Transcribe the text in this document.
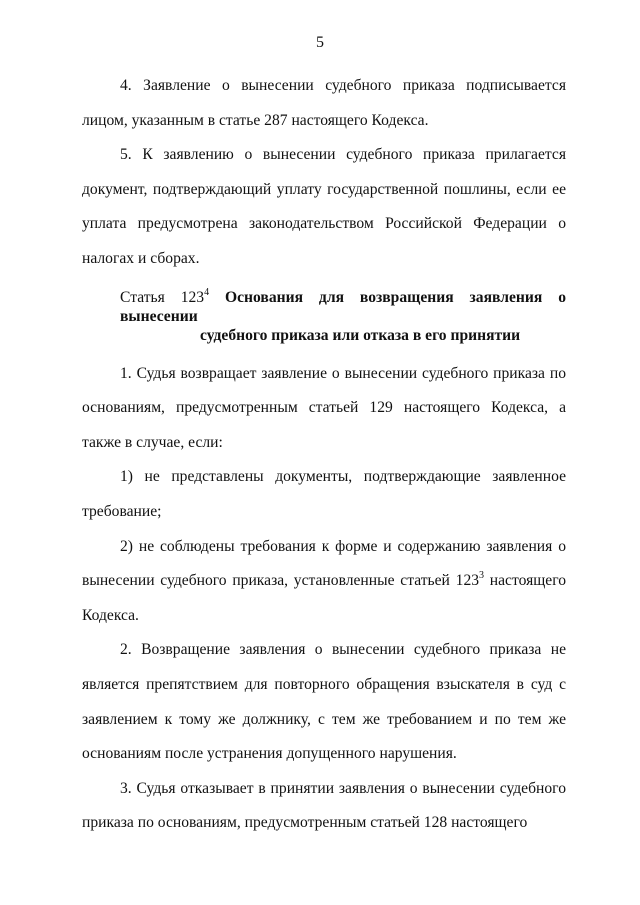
5

4. Заявление о вынесении судебного приказа подписывается лицом, указанным в статье 287 настоящего Кодекса.

5. К заявлению о вынесении судебного приказа прилагается документ, подтверждающий уплату государственной пошлины, если ее уплата предусмотрена законодательством Российской Федерации о налогах и сборах.

Статья $123^4$ Основания для возвращения заявления о вынесении
судебного приказа или отказа в его принятии

1. Судья возвращает заявление о вынесении судебного приказа по основаниям, предусмотренным статьей 129 настоящего Кодекса, а также в случае, если:

1) не представлены документы, подтверждающие заявленное требование;

2) не соблюдены требования к форме и содержанию заявления о вынесении судебного приказа, установленные статьей $123^3$ настоящего Кодекса.

2. Возвращение заявления о вынесении судебного приказа не является препятствием для повторного обращения взыскателя в суд с заявлением к тому же должнику, с тем же требованием и по тем же основаниям после устранения допущенного нарушения.

3. Судья отказывает в принятии заявления о вынесении судебного приказа по основаниям, предусмотренным статьей 128 настоящего
